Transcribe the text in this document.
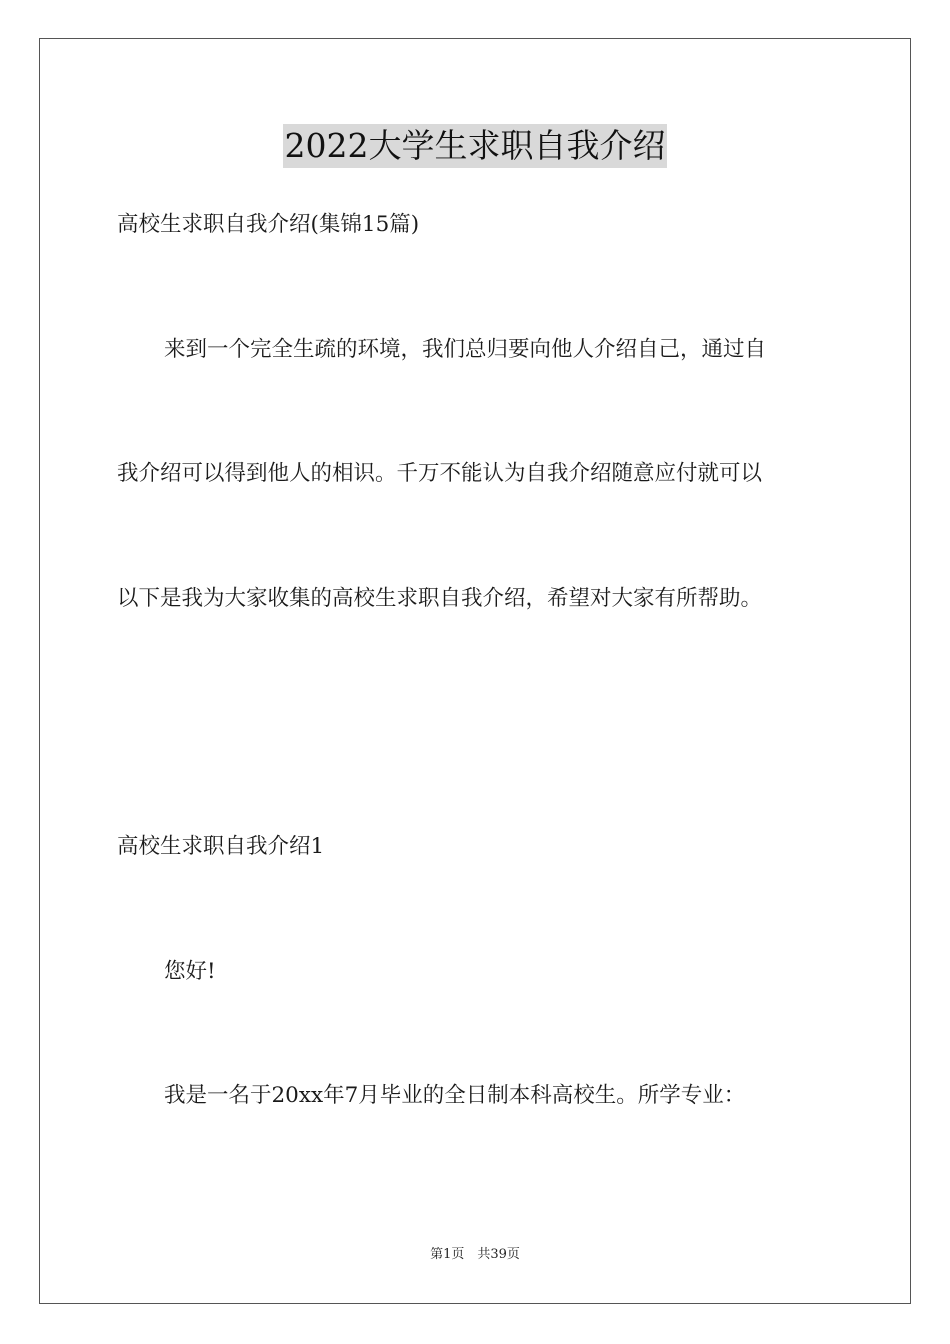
2022大学生求职自我介绍
高校生求职自我介绍(集锦15篇)
来到一个完全生疏的环境，我们总归要向他人介绍自己，通过自
我介绍可以得到他人的相识。千万不能认为自我介绍随意应付就可以
以下是我为大家收集的高校生求职自我介绍，希望对大家有所帮助。
高校生求职自我介绍1
您好!
我是一名于20xx年7月毕业的全日制本科高校生。所学专业：
第1页　共39页
